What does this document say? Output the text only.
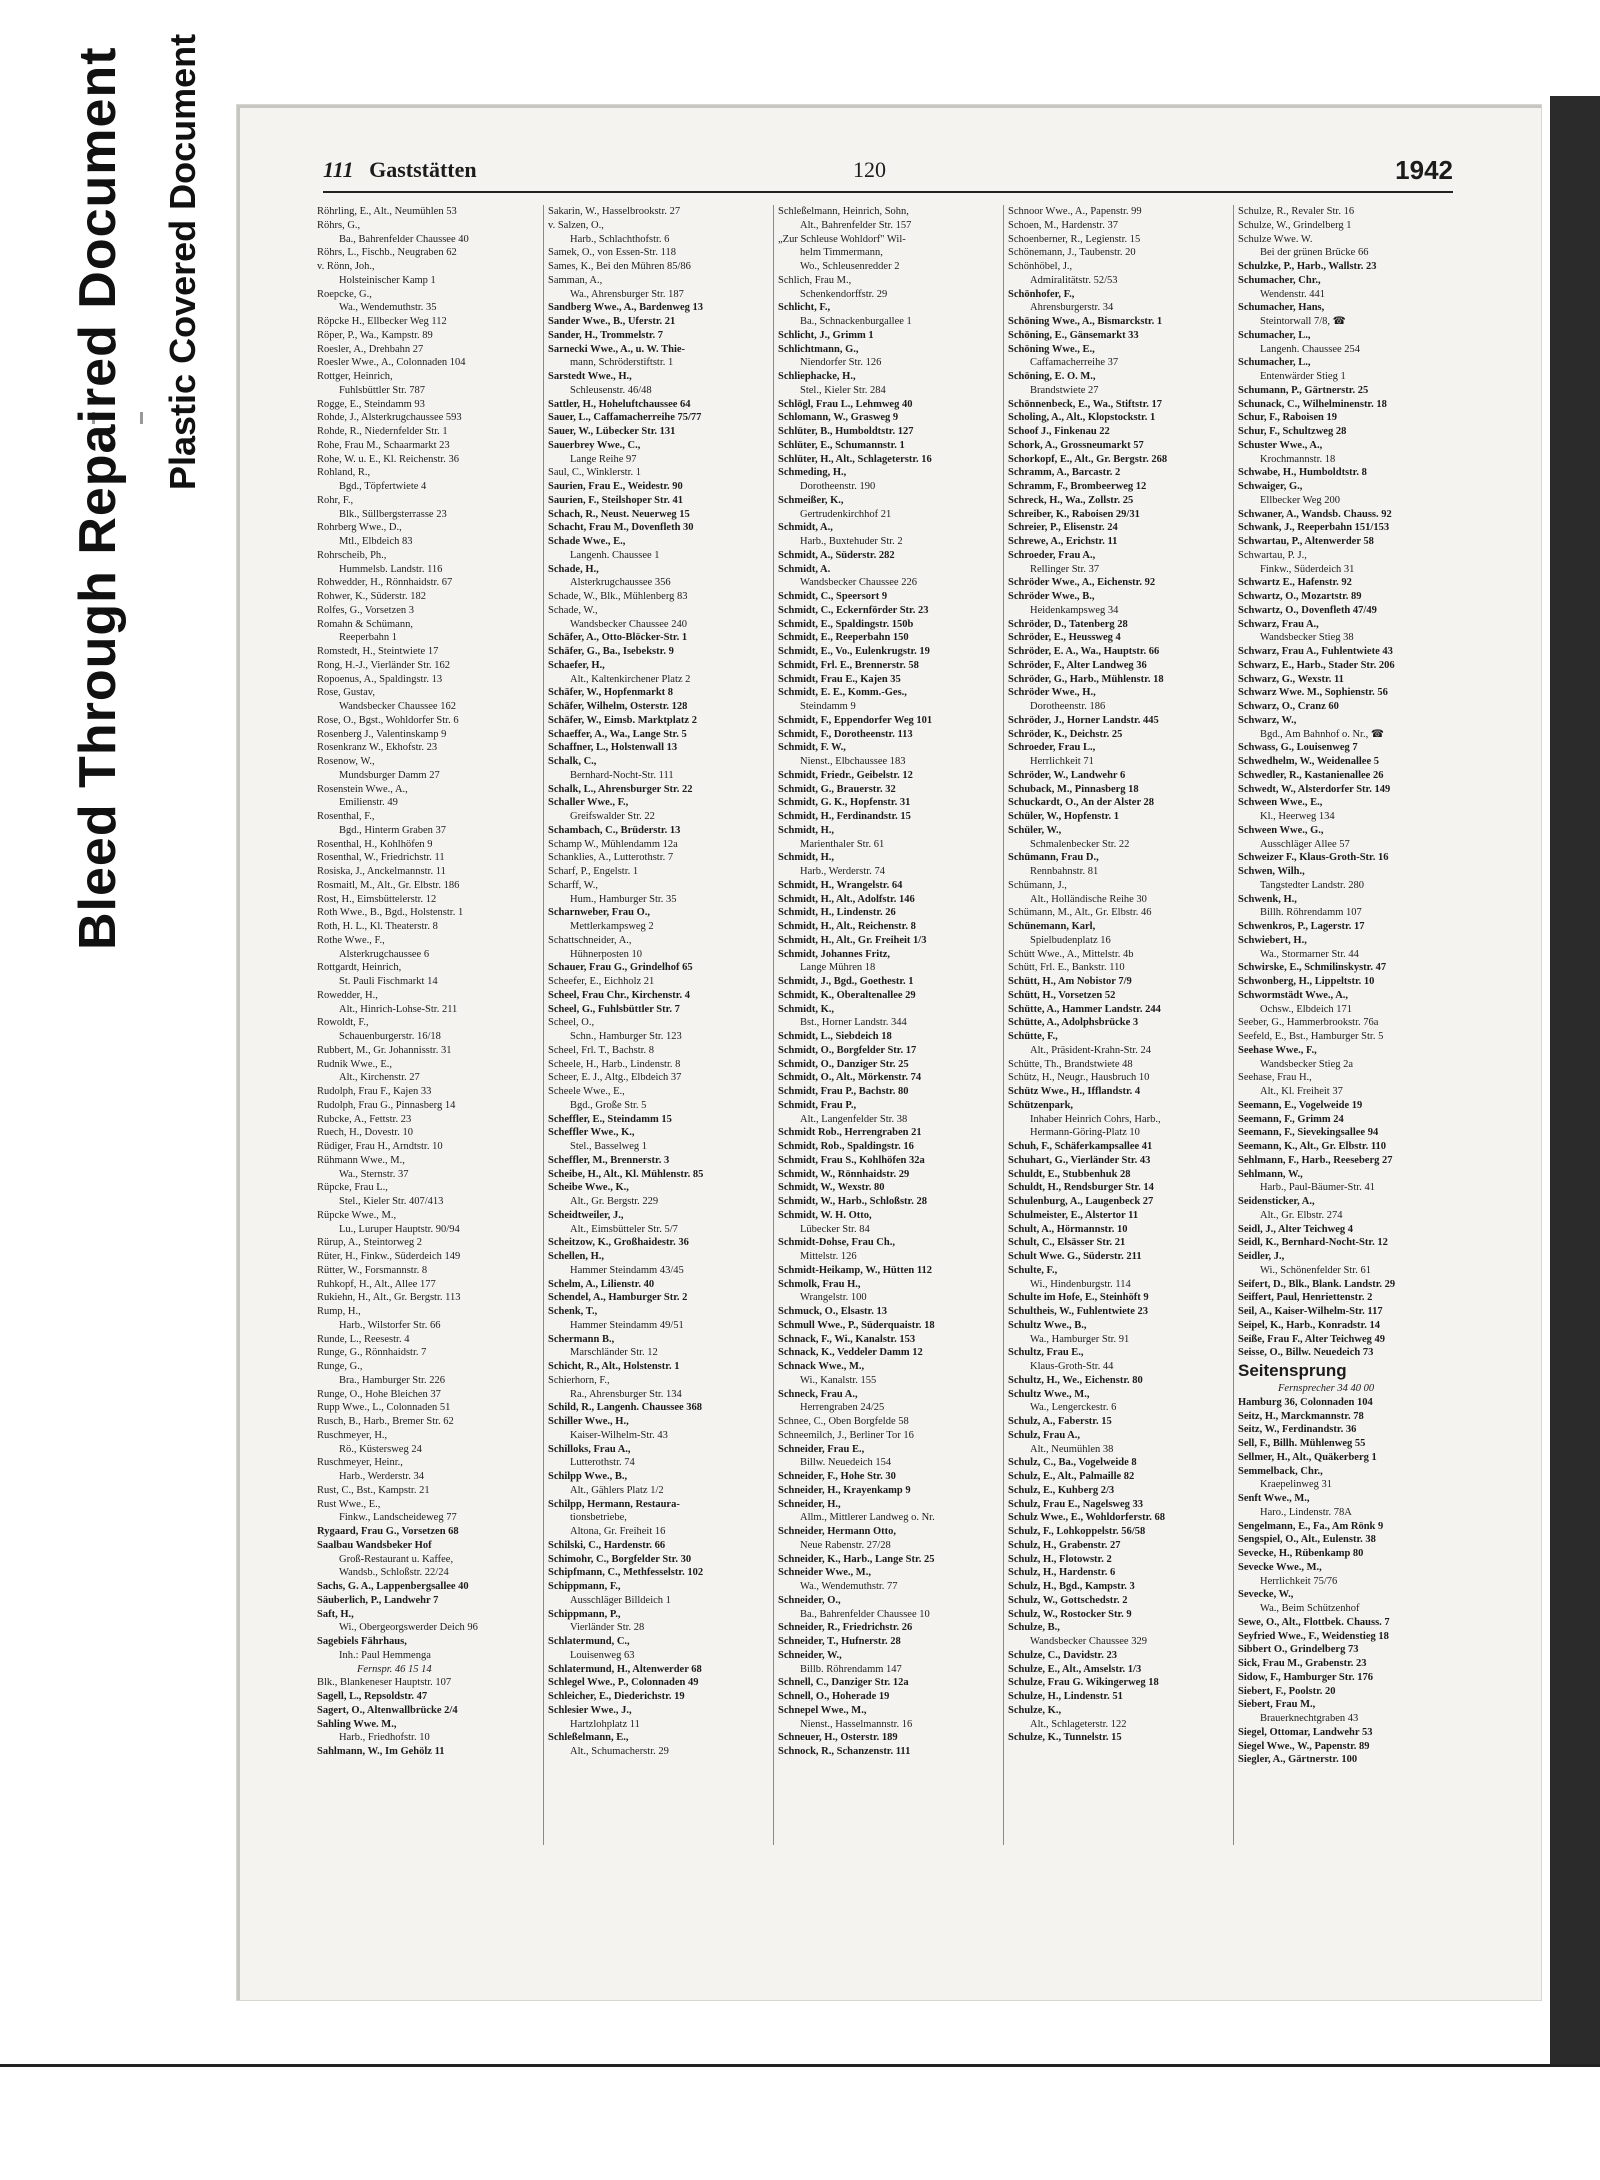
Bleed Through Repaired Document Plastic Covered Document	111 Gaststätten	120	1942
Röhrling, E., Alt., Neumühlen 53
Röhrs, G.,
Ba., Bahrenfelder Chaussee 40
Röhrs, L., Fischb., Neugraben 62
v. Rönn, Joh.,
Holsteinischer Kamp 1
Roepcke, G.,
Wa., Wendemuthstr. 35
Röpcke H., Ellbecker Weg 112
Röper, P., Wa., Kampstr. 89
Roesler, A., Drehbahn 27
Roesler Wwe., A., Colonnaden 104
Rottger, Heinrich,
Fuhlsbüttler Str. 787
Rogge, E., Steindamm 93
Rohde, J., Alsterkrugchaussee 593
Rohde, R., Niedernfelder Str. 1
Rohe, Frau M., Schaarmarkt 23
Rohe, W. u. E., Kl. Reichenstr. 36
Rohland, R.,
Bgd., Töpfertwiete 4
Rohr, F.,
Blk., Süllbergsterrasse 23
Rohrberg Wwe., D.,
Mtl., Elbdeich 83
Rohrscheib, Ph.,
Hummelsb. Landstr. 116
Rohwedder, H., Rönnhaidstr. 67
Rohwer, K., Süderstr. 182
Rolfes, G., Vorsetzen 3
Romahn & Schümann,
Reeperbahn 1
Romstedt, H., Steintwiete 17
Rong, H.-J., Vierländer Str. 162
Ropoenus, A., Spaldingstr. 13
Rose, Gustav,
Wandsbecker Chaussee 162
Rose, O., Bgst., Wohldorfer Str. 6
Rosenberg J., Valentinskamp 9
Rosenkranz W., Ekhofstr. 23
Rosenow, W.,
Mundsburger Damm 27
Rosenstein Wwe., A.,
Emilienstr. 49
Rosenthal, F.,
Bgd., Hinterm Graben 37
Rosenthal, H., Kohlhöfen 9
Rosenthal, W., Friedrichstr. 11
Rosiska, J., Anckelmannstr. 11
Rosmaitl, M., Alt., Gr. Elbstr. 186
Rost, H., Eimsbüttelerstr. 12
Roth Wwe., B., Bgd., Holstenstr. 1
Roth, H. L., Kl. Theaterstr. 8
Rothe Wwe., F.,
Alsterkrugchaussee 6
Rottgardt, Heinrich,
St. Pauli Fischmarkt 14
Rowedder, H.,
Alt., Hinrich-Lohse-Str. 211
Rowoldt, F.,
Schauenburgerstr. 16/18
Rubbert, M., Gr. Johannisstr. 31
Rudnik Wwe., E.,
Alt., Kirchenstr. 27
Rudolph, Frau F., Kajen 33
Rudolph, Frau G., Pinnasberg 14
Rubcke, A., Fettstr. 23
Ruech, H., Dovestr. 10
Rüdiger, Frau H., Arndtstr. 10
Rühmann Wwe., M.,
Wa., Sternstr. 37
Rüpcke, Frau L.,
Stel., Kieler Str. 407/413
Rüpcke Wwe., M.,
Lu., Luruper Hauptstr. 90/94
Rürup, A., Steintorweg 2
Rüter, H., Finkw., Süderdeich 149
Rütter, W., Forsmannstr. 8
Ruhkopf, H., Alt., Allee 177
Rukiehn, H., Alt., Gr. Bergstr. 113
Rump, H.,
Harb., Wilstorfer Str. 66
Runde, L., Reesestr. 4
Runge, G., Rönnhaidstr. 7
Runge, G.,
Bra., Hamburger Str. 226
Runge, O., Hohe Bleichen 37
Rupp Wwe., L., Colonnaden 51
Rusch, B., Harb., Bremer Str. 62
Ruschmeyer, H.,
Rö., Küstersweg 24
Ruschmeyer, Heinr.,
Harb., Werderstr. 34
Rust, C., Bst., Kampstr. 21
Rust Wwe., E.,
Finkw., Landscheideweg 77
Rygaard, Frau G., Vorsetzen 68
Saalbau Wandsbeker Hof
Groß-Restaurant u. Kaffee,
Wandsb., Schloßstr. 22/24
Sachs, G. A., Lappenbergsallee 40
Säuberlich, P., Landwehr 7
Saft, H.,
Wi., Obergeorgswerder Deich 96
Sagebiels Fährhaus,
Inh.: Paul Hemmenga
Fernspr. 46 15 14
Blk., Blankeneser Hauptstr. 107
Sagell, L., Repsoldstr. 47
Sagert, O., Altenwallbrücke 2/4
Sahling Wwe. M.,
Harb., Friedhofstr. 10
Sahlmann, W., Im Gehölz 11
Sakarin, W., Hasselbrookstr. 27
v. Salzen, O.,
Harb., Schlachthofstr. 6
Samek, O., von Essen-Str. 118
Sames, K., Bei den Mühren 85/86
Samman, A.,
Wa., Ahrensburger Str. 187
Sandberg Wwe., A., Bardenweg 13
Sander Wwe., B., Uferstr. 21
Sander, H., Trommelstr. 7
Sarnecki Wwe., A., u. W. Thie-
mann, Schröderstiftstr. 1
Sarstedt Wwe., H.,
Schleusenstr. 46/48
Sattler, H., Hoheluftchaussee 64
Sauer, L., Caffamacherreihe 75/77
Sauer, W., Lübecker Str. 131
Sauerbrey Wwe., C.,
Lange Reihe 97
Saul, C., Winklerstr. 1
Saurien, Frau E., Weidestr. 90
Saurien, F., Steilshoper Str. 41
Schach, R., Neust. Neuerweg 15
Schacht, Frau M., Dovenfleth 30
Schade Wwe., E.,
Langenh. Chaussee 1
Schade, H.,
Alsterkrugchaussee 356
Schade, W., Blk., Mühlenberg 83
Schade, W.,
Wandsbecker Chaussee 240
Schäfer, A., Otto-Blöcker-Str. 1
Schäfer, G., Ba., Isebekstr. 9
Schaefer, H.,
Alt., Kaltenkirchener Platz 2
Schäfer, W., Hopfenmarkt 8
Schäfer, Wilhelm, Osterstr. 128
Schäfer, W., Eimsb. Marktplatz 2
Schaeffer, A., Wa., Lange Str. 5
Schaffner, L., Holstenwall 13
Schalk, C.,
Bernhard-Nocht-Str. 111
Schalk, L., Ahrensburger Str. 22
Schaller Wwe., F.,
Greifswalder Str. 22
Schambach, C., Brüderstr. 13
Schamp W., Mühlendamm 12a
Schanklies, A., Lutterothstr. 7
Scharf, P., Engelstr. 1
Scharff, W.,
Hum., Hamburger Str. 35
Scharnweber, Frau O.,
Mettlerkampsweg 2
Schattschneider, A.,
Hühnerposten 10
Schauer, Frau G., Grindelhof 65
Scheefer, E., Eichholz 21
Scheel, Frau Chr., Kirchenstr. 4
Scheel, G., Fuhlsbüttler Str. 7
Scheel, O.,
Schn., Hamburger Str. 123
Scheel, Frl. T., Bachstr. 8
Scheele, H., Harb., Lindenstr. 8
Scheer, E. J., Altg., Elbdeich 37
Scheele Wwe., E.,
Bgd., Große Str. 5
Scheffler, E., Steindamm 15
Scheffler Wwe., K.,
Stel., Basselweg 1
Scheffler, M., Brennerstr. 3
Scheibe, H., Alt., Kl. Mühlenstr. 85
Scheibe Wwe., K.,
Alt., Gr. Bergstr. 229
Scheidtweiler, J.,
Alt., Eimsbütteler Str. 5/7
Scheitzow, K., Großhaidestr. 36
Schellen, H.,
Hammer Steindamm 43/45
Schelm, A., Lilienstr. 40
Schendel, A., Hamburger Str. 2
Schenk, T.,
Hammer Steindamm 49/51
Schermann B.,
Marschländer Str. 12
Schicht, R., Alt., Holstenstr. 1
Schierhorn, F.,
Ra., Ahrensburger Str. 134
Schild, R., Langenh. Chaussee 368
Schiller Wwe., H.,
Kaiser-Wilhelm-Str. 43
Schilloks, Frau A.,
Lutterothstr. 74
Schilpp Wwe., B.,
Alt., Gählers Platz 1/2
Schilpp, Hermann, Restaura-
tionsbetriebe,
Altona, Gr. Freiheit 16
Schilski, C., Hardenstr. 66
Schimohr, C., Borgfelder Str. 30
Schipfmann, C., Methfesselstr. 102
Schippmann, F.,
Ausschläger Billdeich 1
Schippmann, P.,
Vierländer Str. 28
Schlatermund, C.,
Louisenweg 63
Schlatermund, H., Altenwerder 68
Schlegel Wwe., P., Colonnaden 49
Schleicher, E., Diederichstr. 19
Schlesier Wwe., J.,
Hartzlohplatz 11
Schleßelmann, E.,
Alt., Schumacherstr. 29
Schleßelmann, Heinrich, Sohn,
Alt., Bahrenfelder Str. 157
„Zur Schleuse Wohldorf" Wil-
helm Timmermann,
Wo., Schleusenredder 2
Schlich, Frau M.,
Schenkendorffstr. 29
Schlicht, F.,
Ba., Schnackenburgallee 1
Schlicht, J., Grimm 1
Schlichtmann, G.,
Niendorfer Str. 126
Schliephacke, H.,
Stel., Kieler Str. 284
Schlögl, Frau L., Lehmweg 40
Schlomann, W., Grasweg 9
Schlüter, B., Humboldtstr. 127
Schlüter, E., Schumannstr. 1
Schlüter, H., Alt., Schlageterstr. 16
Schmeding, H.,
Dorotheenstr. 190
Schmeißer, K.,
Gertrudenkirchhof 21
Schmidt, A.,
Harb., Buxtehuder Str. 2
Schmidt, A., Süderstr. 282
Schmidt, A.
Wandsbecker Chaussee 226
Schmidt, C., Speersort 9
Schmidt, C., Eckernförder Str. 23
Schmidt, E., Spaldingstr. 150b
Schmidt, E., Reeperbahn 150
Schmidt, E., Vo., Eulenkrugstr. 19
Schmidt, Frl. E., Brennerstr. 58
Schmidt, Frau E., Kajen 35
Schmidt, E. E., Komm.-Ges.,
Steindamm 9
Schmidt, F., Eppendorfer Weg 101
Schmidt, F., Dorotheenstr. 113
Schmidt, F. W.,
Nienst., Elbchaussee 183
Schmidt, Friedr., Geibelstr. 12
Schmidt, G., Brauerstr. 32
Schmidt, G. K., Hopfenstr. 31
Schmidt, H., Ferdinandstr. 15
Schmidt, H.,
Marienthaler Str. 61
Schmidt, H.,
Harb., Werderstr. 74
Schmidt, H., Wrangelstr. 64
Schmidt, H., Alt., Adolfstr. 146
Schmidt, H., Lindenstr. 26
Schmidt, H., Alt., Reichenstr. 8
Schmidt, H., Alt., Gr. Freiheit 1/3
Schmidt, Johannes Fritz,
Lange Mühren 18
Schmidt, J., Bgd., Goethestr. 1
Schmidt, K., Oberaltenallee 29
Schmidt, K.,
Bst., Horner Landstr. 344
Schmidt, L., Siebdeich 18
Schmidt, O., Borgfelder Str. 17
Schmidt, O., Danziger Str. 25
Schmidt, O., Alt., Mörkenstr. 74
Schmidt, Frau P., Bachstr. 80
Schmidt, Frau P.,
Alt., Langenfelder Str. 38
Schmidt Rob., Herrengraben 21
Schmidt, Rob., Spaldingstr. 16
Schmidt, Frau S., Kohlhöfen 32a
Schmidt, W., Rönnhaidstr. 29
Schmidt, W., Wexstr. 80
Schmidt, W., Harb., Schloßstr. 28
Schmidt, W. H. Otto,
Lübecker Str. 84
Schmidt-Dohse, Frau Ch.,
Mittelstr. 126
Schmidt-Heikamp, W., Hütten 112
Schmolk, Frau H.,
Wrangelstr. 100
Schmuck, O., Elsastr. 13
Schmull Wwe., P., Süderquaistr. 18
Schnack, F., Wi., Kanalstr. 153
Schnack, K., Veddeler Damm 12
Schnack Wwe., M.,
Wi., Kanalstr. 155
Schneck, Frau A.,
Herrengraben 24/25
Schnee, C., Oben Borgfelde 58
Schneemilch, J., Berliner Tor 16
Schneider, Frau E.,
Billw. Neuedeich 154
Schneider, F., Hohe Str. 30
Schneider, H., Krayenkamp 9
Schneider, H.,
Allm., Mittlerer Landweg o. Nr.
Schneider, Hermann Otto,
Neue Rabenstr. 27/28
Schneider, K., Harb., Lange Str. 25
Schneider Wwe., M.,
Wa., Wendemuthstr. 77
Schneider, O.,
Ba., Bahrenfelder Chaussee 10
Schneider, R., Friedrichstr. 26
Schneider, T., Hufnerstr. 28
Schneider, W.,
Billb. Röhrendamm 147
Schnell, C., Danziger Str. 12a
Schnell, O., Hoherade 19
Schnepel Wwe., M.,
Nienst., Hasselmannstr. 16
Schneuer, H., Osterstr. 189
Schnock, R., Schanzenstr. 111
Schnoor Wwe., A., Papenstr. 99
Schoen, M., Hardenstr. 37
Schoenberner, R., Legienstr. 15
Schönemann, J., Taubenstr. 20
Schönhöbel, J.,
Admiralitätstr. 52/53
Schönhofer, F.,
Ahrensburgerstr. 34
Schöning Wwe., A., Bismarckstr. 1
Schöning, E., Gänsemarkt 33
Schöning Wwe., E.,
Caffamacherreihe 37
Schöning, E. O. M.,
Brandstwiete 27
Schönnenbeck, E., Wa., Stiftstr. 17
Scholing, A., Alt., Klopstockstr. 1
Schoof J., Finkenau 22
Schork, A., Grossneumarkt 57
Schorkopf, E., Alt., Gr. Bergstr. 268
Schramm, A., Barcastr. 2
Schramm, F., Brombeerweg 12
Schreck, H., Wa., Zollstr. 25
Schreiber, K., Raboisen 29/31
Schreier, P., Elisenstr. 24
Schrewe, A., Erichstr. 11
Schroeder, Frau A.,
Rellinger Str. 37
Schröder Wwe., A., Eichenstr. 92
Schröder Wwe., B.,
Heidenkampsweg 34
Schröder, D., Tatenberg 28
Schröder, E., Heussweg 4
Schröder, E. A., Wa., Hauptstr. 66
Schröder, F., Alter Landweg 36
Schröder, G., Harb., Mühlenstr. 18
Schröder Wwe., H.,
Dorotheenstr. 186
Schröder, J., Horner Landstr. 445
Schröder, K., Deichstr. 25
Schroeder, Frau L.,
Herrlichkeit 71
Schröder, W., Landwehr 6
Schuback, M., Pinnasberg 18
Schuckardt, O., An der Alster 28
Schüler, W., Hopfenstr. 1
Schüler, W.,
Schmalenbecker Str. 22
Schümann, Frau D.,
Rennbahnstr. 81
Schümann, J.,
Alt., Holländische Reihe 30
Schümann, M., Alt., Gr. Elbstr. 46
Schünemann, Karl,
Spielbudenplatz 16
Schütt Wwe., A., Mittelstr. 4b
Schütt, Frl. E., Bankstr. 110
Schütt, H., Am Nobistor 7/9
Schütt, H., Vorsetzen 52
Schütte, A., Hammer Landstr. 244
Schütte, A., Adolphsbrücke 3
Schütte, F.,
Alt., Präsident-Krahn-Str. 24
Schütte, Th., Brandstwiete 48
Schütz, H., Neugr., Hausbruch 10
Schütz Wwe., H., Ifflandstr. 4
Schützenpark,
Inhaber Heinrich Cohrs, Harb.,
Hermann-Göring-Platz 10
Schuh, F., Schäferkampsallee 41
Schuhart, G., Vierländer Str. 43
Schuldt, E., Stubbenhuk 28
Schuldt, H., Rendsburger Str. 14
Schulenburg, A., Laugenbeck 27
Schulmeister, E., Alstertor 11
Schult, A., Hörmannstr. 10
Schult, C., Elsässer Str. 21
Schult Wwe. G., Süderstr. 211
Schulte, F.,
Wi., Hindenburgstr. 114
Schulte im Hofe, E., Steinhöft 9
Schultheis, W., Fuhlentwiete 23
Schultz Wwe., B.,
Wa., Hamburger Str. 91
Schultz, Frau E.,
Klaus-Groth-Str. 44
Schultz, H., We., Eichenstr. 80
Schultz Wwe., M.,
Wa., Lengerckestr. 6
Schulz, A., Faberstr. 15
Schulz, Frau A.,
Alt., Neumühlen 38
Schulz, C., Ba., Vogelweide 8
Schulz, E., Alt., Palmaille 82
Schulz, E., Kuhberg 2/3
Schulz, Frau E., Nagelsweg 33
Schulz Wwe., E., Wohldorferstr. 68
Schulz, F., Lohkoppelstr. 56/58
Schulz, H., Grabenstr. 27
Schulz, H., Flotowstr. 2
Schulz, H., Hardenstr. 6
Schulz, H., Bgd., Kampstr. 3
Schulz, W., Gottschedstr. 2
Schulz, W., Rostocker Str. 9
Schulze, B.,
Wandsbecker Chaussee 329
Schulze, C., Davidstr. 23
Schulze, E., Alt., Amselstr. 1/3
Schulze, Frau G. Wikingerweg 18
Schulze, H., Lindenstr. 51
Schulze, K.,
Alt., Schlageterstr. 122
Schulze, K., Tunnelstr. 15
Schulze, R., Revaler Str. 16
Schulze, W., Grindelberg 1
Schulze Wwe. W.
Bei der grünen Brücke 66
Schulzke, P., Harb., Wallstr. 23
Schumacher, Chr.,
Wendenstr. 441
Schumacher, Hans,
Steintorwall 7/8, ☎
Schumacher, L.,
Langenh. Chaussee 254
Schumacher, L.,
Entenwärder Stieg 1
Schumann, P., Gärtnerstr. 25
Schunack, C., Wilhelminenstr. 18
Schur, F., Raboisen 19
Schur, F., Schultzweg 28
Schuster Wwe., A.,
Krochmannstr. 18
Schwabe, H., Humboldtstr. 8
Schwaiger, G.,
Ellbecker Weg 200
Schwaner, A., Wandsb. Chauss. 92
Schwank, J., Reeperbahn 151/153
Schwartau, P., Altenwerder 58
Schwartau, P. J.,
Finkw., Süderdeich 31
Schwartz E., Hafenstr. 92
Schwartz, O., Mozartstr. 89
Schwartz, O., Dovenfleth 47/49
Schwarz, Frau A.,
Wandsbecker Stieg 38
Schwarz, Frau A., Fuhlentwiete 43
Schwarz, E., Harb., Stader Str. 206
Schwarz, G., Wexstr. 11
Schwarz Wwe. M., Sophienstr. 56
Schwarz, O., Cranz 60
Schwarz, W.,
Bgd., Am Bahnhof o. Nr., ☎
Schwass, G., Louisenweg 7
Schwedhelm, W., Weidenallee 5
Schwedler, R., Kastanienallee 26
Schwedt, W., Alsterdorfer Str. 149
Schween Wwe., E.,
Kl., Heerweg 134
Schween Wwe., G.,
Ausschläger Allee 57
Schweizer F., Klaus-Groth-Str. 16
Schwen, Wilh.,
Tangstedter Landstr. 280
Schwenk, H.,
Billh. Röhrendamm 107
Schwenkros, P., Lagerstr. 17
Schwiebert, H.,
Wa., Stormarner Str. 44
Schwirske, E., Schmilinskystr. 47
Schwonberg, H., Lippeltstr. 10
Schwormstädt Wwe., A.,
Ochsw., Elbdeich 171
Seeber, G., Hammerbrookstr. 76a
Seefeld, E., Bst., Hamburger Str. 5
Seehase Wwe., F.,
Wandsbecker Stieg 2a
Seehase, Frau H.,
Alt., Kl. Freiheit 37
Seemann, E., Vogelweide 19
Seemann, F., Grimm 24
Seemann, F., Sievekingsallee 94
Seemann, K., Alt., Gr. Elbstr. 110
Sehlmann, F., Harb., Reeseberg 27
Sehlmann, W.,
Harb., Paul-Bäumer-Str. 41
Seidensticker, A.,
Alt., Gr. Elbstr. 274
Seidl, J., Alter Teichweg 4
Seidl, K., Bernhard-Nocht-Str. 12
Seidler, J.,
Wi., Schönenfelder Str. 61
Seifert, D., Blk., Blank. Landstr. 29
Seiffert, Paul, Henriettenstr. 2
Seil, A., Kaiser-Wilhelm-Str. 117
Seipel, K., Harb., Konradstr. 14
Seiße, Frau F., Alter Teichweg 49
Seisse, O., Billw. Neuedeich 73
Seitensprung
Fernsprecher 34 40 00
Hamburg 36, Colonnaden 104
Seitz, H., Marckmannstr. 78
Seitz, W., Ferdinandstr. 36
Sell, F., Billh. Mühlenweg 55
Sellmer, H., Alt., Quäkerberg 1
Semmelback, Chr.,
Kraepelinweg 31
Senft Wwe., M.,
Haro., Lindenstr. 78A
Sengelmann, E., Fa., Am Rönk 9
Sengspiel, O., Alt., Eulenstr. 38
Sevecke, H., Rübenkamp 80
Sevecke Wwe., M.,
Herrlichkeit 75/76
Sevecke, W.,
Wa., Beim Schützenhof
Sewe, O., Alt., Flottbek. Chauss. 7
Seyfried Wwe., F., Weidenstieg 18
Sibbert O., Grindelberg 73
Sick, Frau M., Grabenstr. 23
Sidow, F., Hamburger Str. 176
Siebert, F., Poolstr. 20
Siebert, Frau M.,
Brauerknechtgraben 43
Siegel, Ottomar, Landwehr 53
Siegel Wwe., W., Papenstr. 89
Siegler, A., Gärtnerstr. 100
